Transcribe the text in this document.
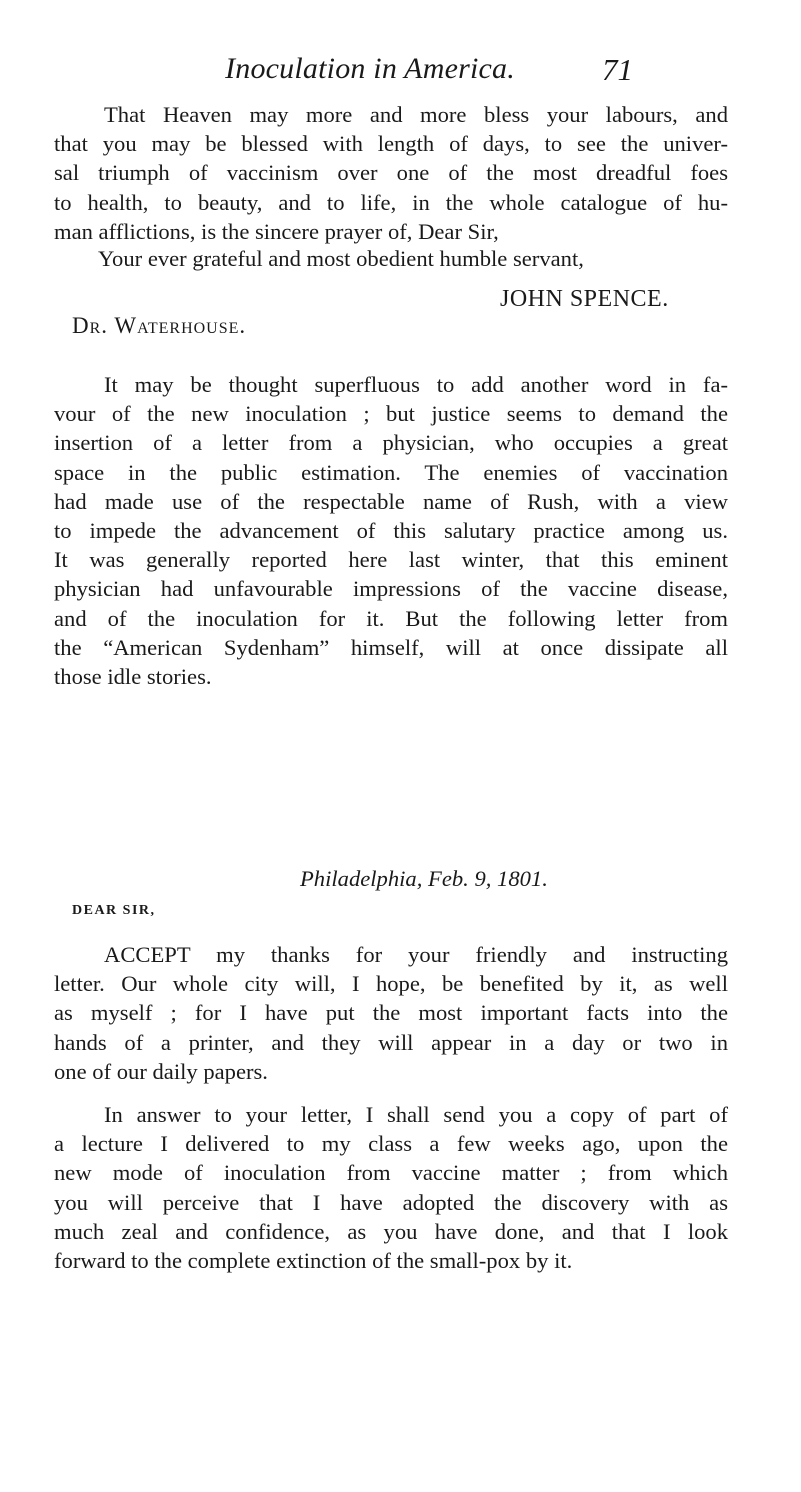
Inoculation in America.	71

That Heaven may more and more bless your labours, and

that you may be blessed with length of days, to see the univer-

sal triumph of vaccinism over one of the most dreadful foes

to health, to beauty, and to life, in the whole catalogue of hu-

man afflictions, is the sincere prayer of, Dear Sir,

Your ever grateful and most obedient humble servant,
JOHN SPENCE.
Dr. Waterhouse.

It may be thought superfluous to add another word in fa-

vour of the new inoculation ; but justice seems to demand the

insertion of a letter from a physician, who occupies a great

space in the public estimation. The enemies of vaccination

had made use of the respectable name of Rush, with a view

to impede the advancement of this salutary practice among us.

It was generally reported here last winter, that this eminent

physician had unfavourable impressions of the vaccine disease,

and of the inoculation for it. But the following letter from

the “American Sydenham” himself, will at once dissipate all

those idle stories.

Philadelphia, Feb. 9, 1801.
DEAR SIR,

ACCEPT my thanks for your friendly and instructing

letter. Our whole city will, I hope, be benefited by it, as well

as myself ; for I have put the most important facts into the

hands of a printer, and they will appear in a day or two in

one of our daily papers.

In answer to your letter, I shall send you a copy of part of

a lecture I delivered to my class a few weeks ago, upon the

new mode of inoculation from vaccine matter ; from which

you will perceive that I have adopted the discovery with as

much zeal and confidence, as you have done, and that I look

forward to the complete extinction of the small-pox by it.
